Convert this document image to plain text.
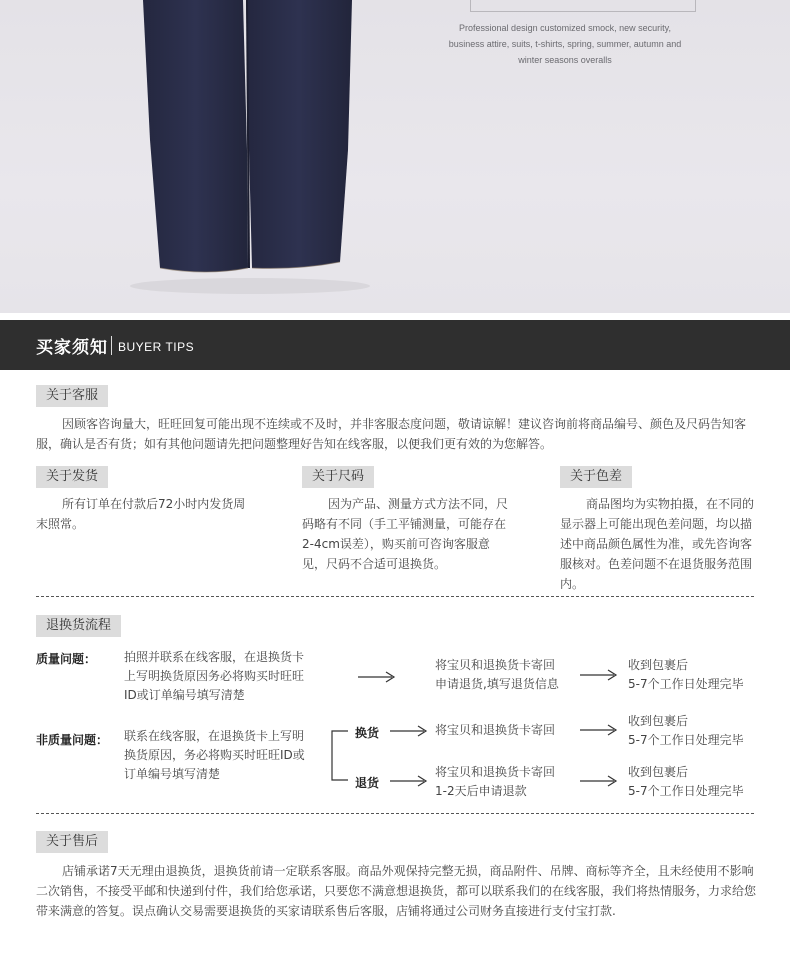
Professional design customized smock, new security,
business attire, suits, t-shirts, spring, summer, autumn and
winter seasons overalls
买家须知 BUYER TIPS
关于客服
因顾客咨询量大，旺旺回复可能出现不连续或不及时，并非客服态度问题，敬请谅解！建议咨询前将商品编号、颜色及尺码告知客服，确认是否有货；如有其他问题请先把问题整理好告知在线客服，以便我们更有效的为您解答。
关于发货
所有订单在付款后72小时内发货周末照常。
关于尺码
因为产品、测量方式方法不同，尺码略有不同（手工平铺测量，可能存在2-4cm误差），购买前可咨询客服意见，尺码不合适可退换货。
关于色差
商品图均为实物拍摄，在不同的显示器上可能出现色差问题，均以描述中商品颜色属性为准，或先咨询客服核对。色差问题不在退货服务范围内。
退换货流程
质量问题： 拍照并联系在线客服，在退换货卡上写明换货原因务必将购买时旺旺ID或订单编号填写清楚
将宝贝和退换货卡寄回
申请退货,填写退货信息
收到包裹后
5-7个工作日处理完毕
非质量问题： 联系在线客服，在退换货卡上写明换货原因，务必将购买时旺旺ID或订单编号填写清楚
换货	将宝贝和退换货卡寄回
收到包裹后
5-7个工作日处理完毕
退货
将宝贝和退换货卡寄回
1-2天后申请退款
收到包裹后
5-7个工作日处理完毕
关于售后
店铺承诺7天无理由退换货，退换货前请一定联系客服。商品外观保持完整无损，商品附件、吊牌、商标等齐全，且未经使用不影响二次销售，不接受平邮和快递到付件，我们给您承诺，只要您不满意想退换货，都可以联系我们的在线客服，我们将热情服务，力求给您带来满意的答复。误点确认交易需要退换货的买家请联系售后客服，店铺将通过公司财务直接进行支付宝打款.
